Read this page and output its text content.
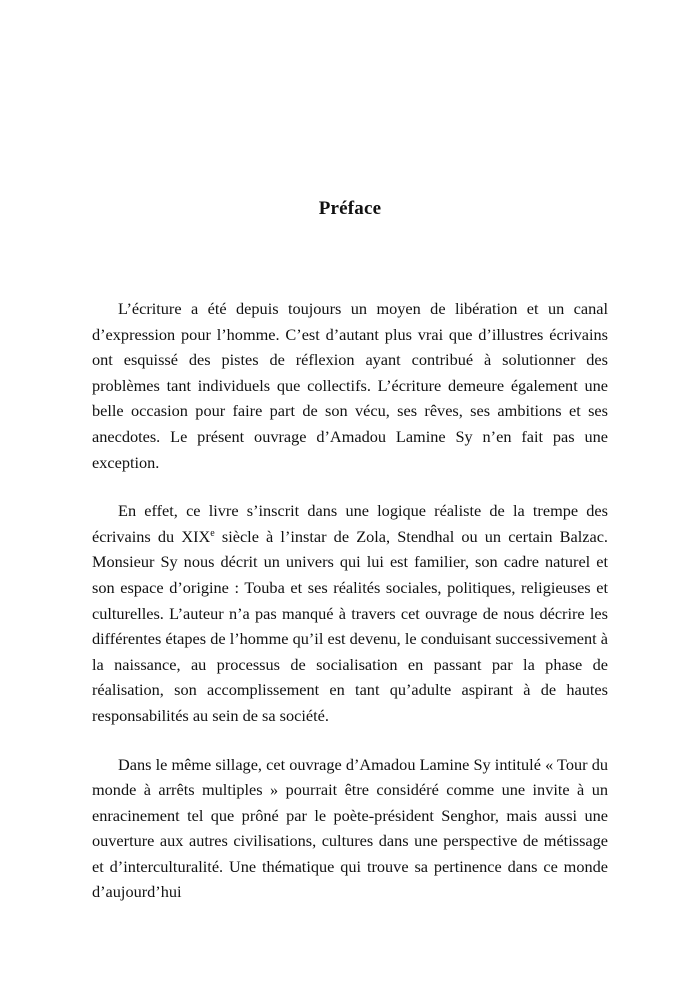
Préface

L’écriture a été depuis toujours un moyen de libération et un canal d’expression pour l’homme. C’est d’autant plus vrai que d’illustres écrivains ont esquissé des pistes de réflexion ayant contribué à solutionner des problèmes tant individuels que collectifs. L’écriture demeure également une belle occasion pour faire part de son vécu, ses rêves, ses ambitions et ses anecdotes. Le présent ouvrage d’Amadou Lamine Sy n’en fait pas une exception.

En effet, ce livre s’inscrit dans une logique réaliste de la trempe des écrivains du XIXe siècle à l’instar de Zola, Stendhal ou un certain Balzac. Monsieur Sy nous décrit un univers qui lui est familier, son cadre naturel et son espace d’origine : Touba et ses réalités sociales, politiques, religieuses et culturelles. L’auteur n’a pas manqué à travers cet ouvrage de nous décrire les différentes étapes de l’homme qu’il est devenu, le conduisant successivement à la naissance, au processus de socialisation en passant par la phase de réalisation, son accomplissement en tant qu’adulte aspirant à de hautes responsabilités au sein de sa société.

Dans le même sillage, cet ouvrage d’Amadou Lamine Sy intitulé « Tour du monde à arrêts multiples » pourrait être considéré comme une invite à un enracinement tel que prôné par le poète-président Senghor, mais aussi une ouverture aux autres civilisations, cultures dans une perspective de métissage et d’interculturalité. Une thématique qui trouve sa pertinence dans ce monde d’aujourd’hui
